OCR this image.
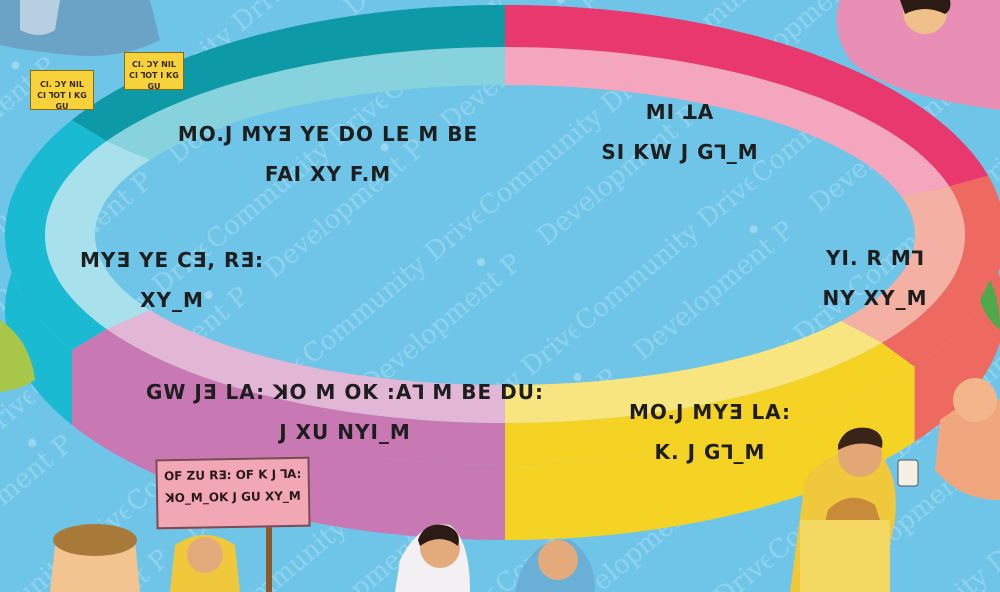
MO.J MYƎ YE DO LE M BE
FAI XY F.M
MI ꓕA
SI KW J G⅂_M
YI. R M⅂
NY XY_M
MO.J MYƎ LA:
K. J G⅂_M
GW JƎ LA: ꓘO M OK :A⅂ M BE DU:
J XU NYI_M
MYƎ YE CƎ, RƎ:
XY_M
OF ZU RƎ: OF K J ⅂A:
ꓘO_M_OK J GU XY_M
CI. ƆY NIL
CI ⅂OT I KG GU
CI. ƆY NIL
CI ⅂OT I KG GU
